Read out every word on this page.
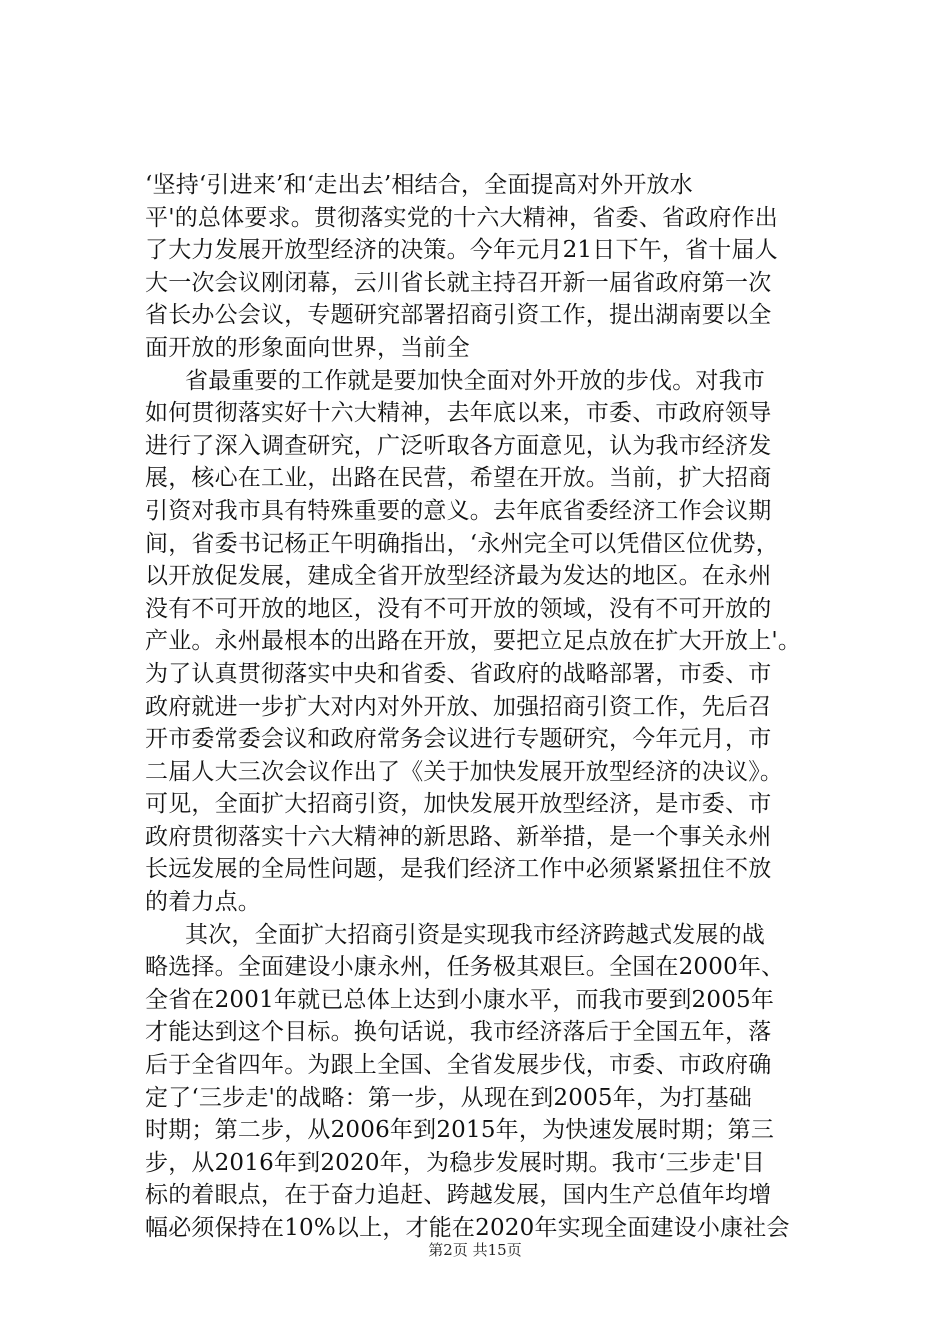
‘坚持‘引进来’和‘走出去’相结合，全面提高对外开放水
平'的总体要求。贯彻落实党的十六大精神，省委、省政府作出
了大力发展开放型经济的决策。今年元月21日下午，省十届人
大一次会议刚闭幕，云川省长就主持召开新一届省政府第一次
省长办公会议，专题研究部署招商引资工作，提出湖南要以全
面开放的形象面向世界，当前全
省最重要的工作就是要加快全面对外开放的步伐。对我市
如何贯彻落实好十六大精神，去年底以来，市委、市政府领导
进行了深入调查研究，广泛听取各方面意见，认为我市经济发
展，核心在工业，出路在民营，希望在开放。当前，扩大招商
引资对我市具有特殊重要的意义。去年底省委经济工作会议期
间，省委书记杨正午明确指出，‘永州完全可以凭借区位优势，
以开放促发展，建成全省开放型经济最为发达的地区。在永州
没有不可开放的地区，没有不可开放的领域，没有不可开放的
产业。永州最根本的出路在开放，要把立足点放在扩大开放上'。
为了认真贯彻落实中央和省委、省政府的战略部署，市委、市
政府就进一步扩大对内对外开放、加强招商引资工作，先后召
开市委常委会议和政府常务会议进行专题研究，今年元月，市
二届人大三次会议作出了《关于加快发展开放型经济的决议》。
可见，全面扩大招商引资，加快发展开放型经济，是市委、市
政府贯彻落实十六大精神的新思路、新举措，是一个事关永州
长远发展的全局性问题，是我们经济工作中必须紧紧扭住不放
的着力点。
其次，全面扩大招商引资是实现我市经济跨越式发展的战
略选择。全面建设小康永州，任务极其艰巨。全国在2000年、
全省在2001年就已总体上达到小康水平，而我市要到2005年
才能达到这个目标。换句话说，我市经济落后于全国五年，落
后于全省四年。为跟上全国、全省发展步伐，市委、市政府确
定了‘三步走'的战略：第一步，从现在到2005年，为打基础
时期；第二步，从2006年到2015年，为快速发展时期；第三
步，从2016年到2020年，为稳步发展时期。我市‘三步走'目
标的着眼点，在于奋力追赶、跨越发展，国内生产总值年均增
幅必须保持在10%以上，才能在2020年实现全面建设小康社会
第2页 共15页
